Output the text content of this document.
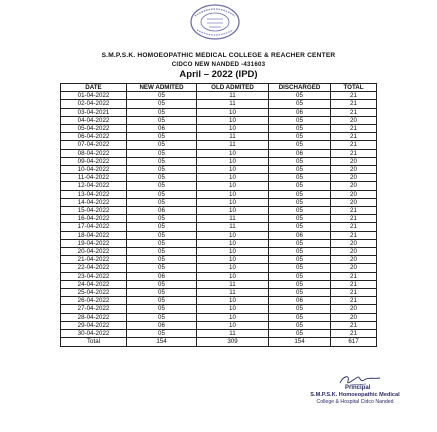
S.M.P.S.K. HOMOEOPATHIC MEDICAL COLLEGE & REACHER CENTER
CIDCO NEW NANDED -431603
April – 2022 (IPD)
DATE	NEW ADMITED	OLD ADMITED	DISCHARGED	TOTAL
01-04-2022	05	11	05	21
02-04-2022	05	11	05	21
03-04-2021	05	10	06	21
04-04-2022	05	10	05	20
05-04-2022	06	10	05	21
06-04-2022	05	11	05	21
07-04-2022	05	11	05	21
08-04-2022	05	10	06	21
09-04-2022	05	10	05	20
10-04-2022	05	10	05	20
11-04-2022	05	10	05	20
12-04-2022	05	10	05	20
13-04-2022	05	10	05	20
14-04-2022	05	10	05	20
15-04-2022	06	10	05	21
16-04-2022	05	11	05	21
17-04-2022	05	11	05	21
18-04-2022	05	10	06	21
19-04-2022	05	10	05	20
20-04-2022	05	10	05	20
21-04-2022	05	10	05	20
22-04-2022	05	10	05	20
23-04-2022	06	10	05	21
24-04-2022	05	11	05	21
25-04-2022	05	11	05	21
26-04-2022	05	10	06	21
27-04-2022	05	10	05	20
28-04-2022	05	10	05	20
29-04-2022	06	10	05	21
30-04-2022	05	11	05	21
Total	154	309	154	617
Principal
S.M.P.S.K. Homoeopathic Medical
College & Hospital Cidco Nanded
